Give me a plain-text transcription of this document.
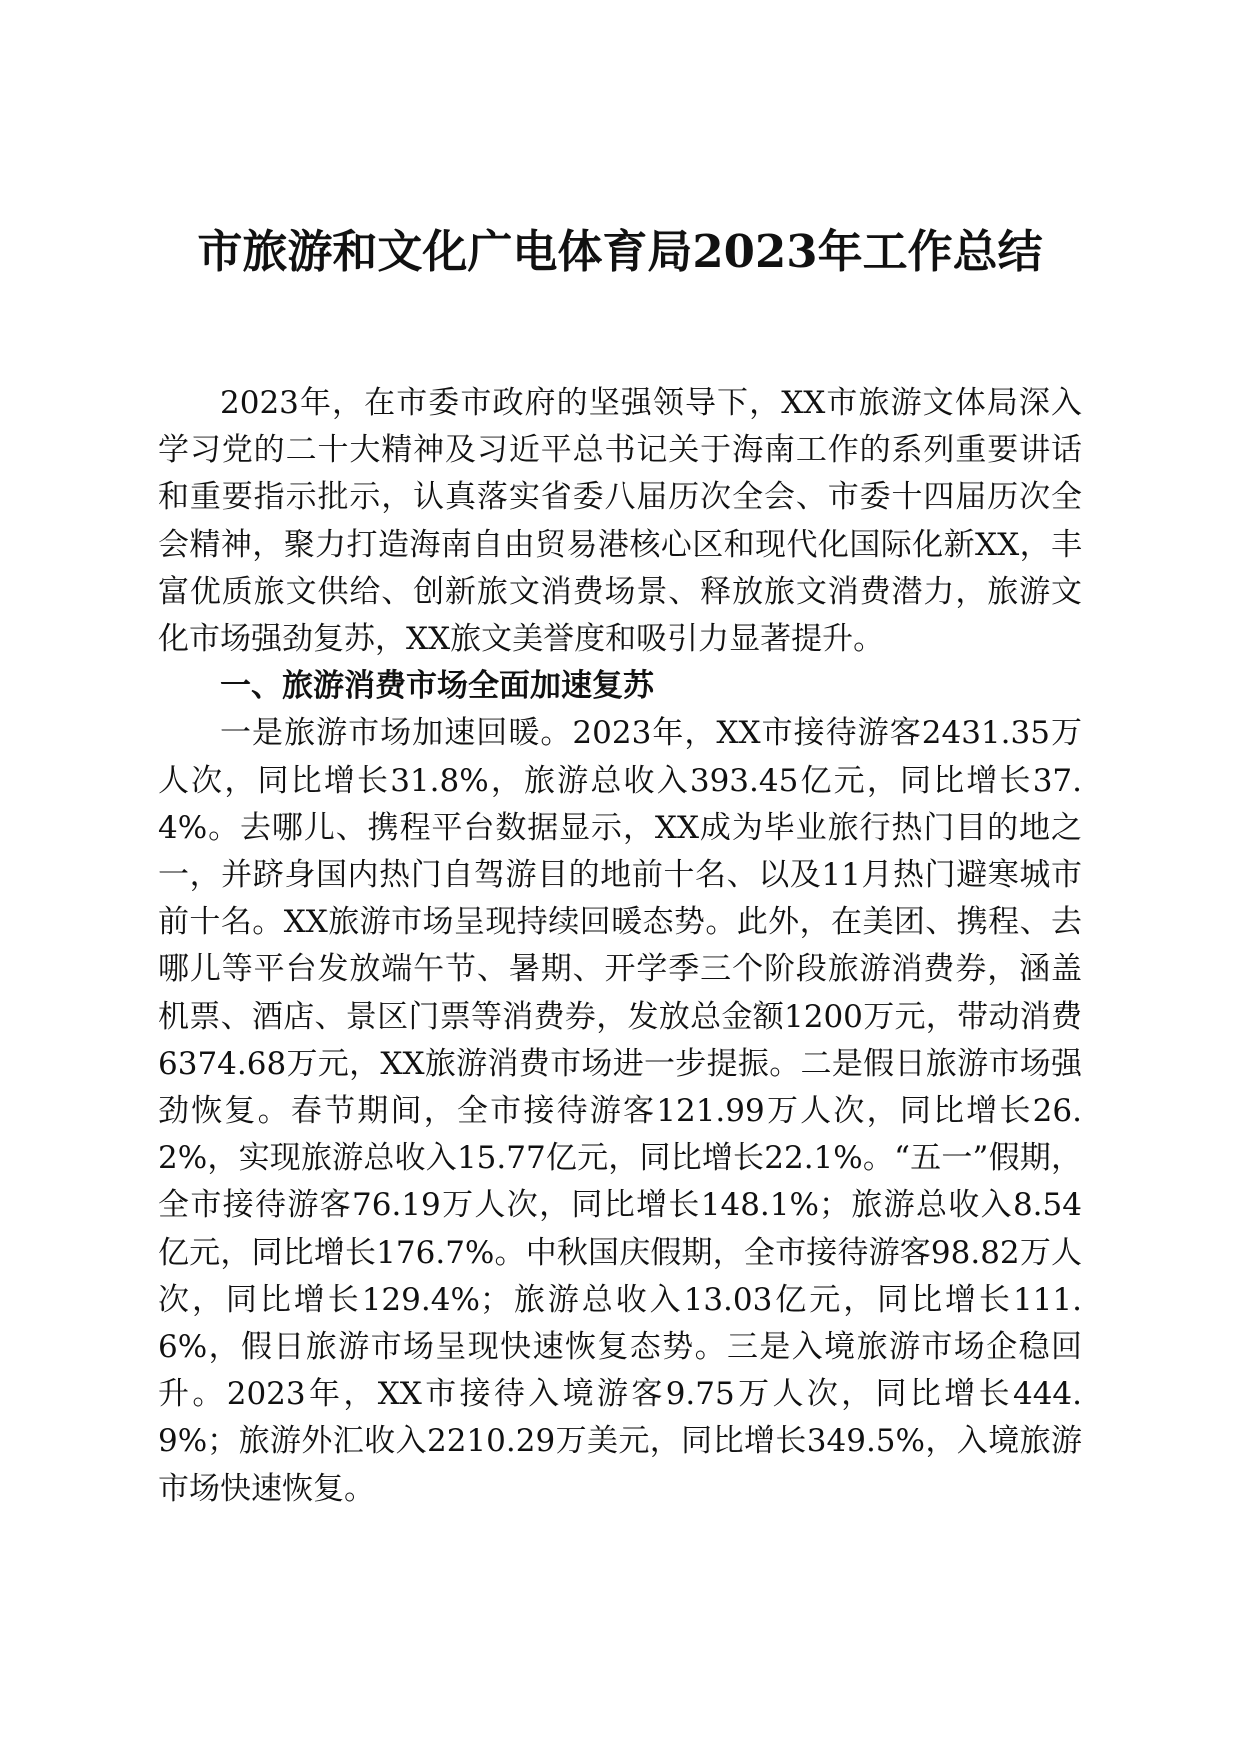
市旅游和文化广电体育局2023年工作总结

2023年，在市委市政府的坚强领导下，XX市旅游文体局深入学习党的二十大精神及习近平总书记关于海南工作的系列重要讲话和重要指示批示，认真落实省委八届历次全会、市委十四届历次全会精神，聚力打造海南自由贸易港核心区和现代化国际化新XX，丰富优质旅文供给、创新旅文消费场景、释放旅文消费潜力，旅游文化市场强劲复苏，XX旅文美誉度和吸引力显著提升。

一、旅游消费市场全面加速复苏

一是旅游市场加速回暖。2023年，XX市接待游客2431.35万人次，同比增长31.8%，旅游总收入393.45亿元，同比增长37.4%。去哪儿、携程平台数据显示，XX成为毕业旅行热门目的地之一，并跻身国内热门自驾游目的地前十名、以及11月热门避寒城市前十名。XX旅游市场呈现持续回暖态势。此外，在美团、携程、去哪儿等平台发放端午节、暑期、开学季三个阶段旅游消费券，涵盖机票、酒店、景区门票等消费券，发放总金额1200万元，带动消费6374.68万元，XX旅游消费市场进一步提振。二是假日旅游市场强劲恢复。春节期间，全市接待游客121.99万人次，同比增长26.2%，实现旅游总收入15.77亿元，同比增长22.1%。“五一”假期，全市接待游客76.19万人次，同比增长148.1%；旅游总收入8.54亿元，同比增长176.7%。中秋国庆假期，全市接待游客98.82万人次，同比增长129.4%；旅游总收入13.03亿元，同比增长111.6%，假日旅游市场呈现快速恢复态势。三是入境旅游市场企稳回升。2023年，XX市接待入境游客9.75万人次，同比增长444.9%；旅游外汇收入2210.29万美元，同比增长349.5%，入境旅游市场快速恢复。
